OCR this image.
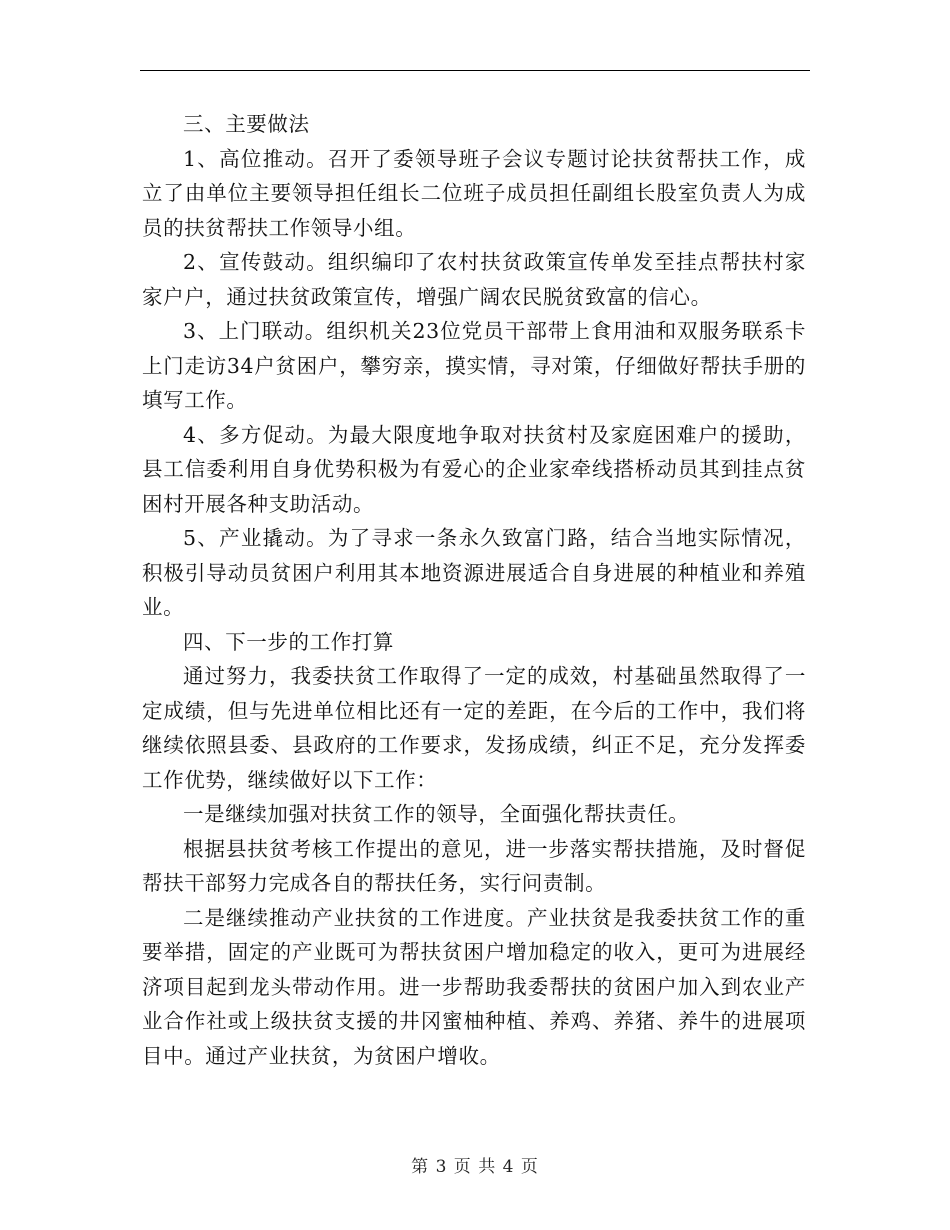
三、主要做法

1、高位推动。召开了委领导班子会议专题讨论扶贫帮扶工作，成立了由单位主要领导担任组长二位班子成员担任副组长股室负责人为成员的扶贫帮扶工作领导小组。

2、宣传鼓动。组织编印了农村扶贫政策宣传单发至挂点帮扶村家家户户，通过扶贫政策宣传，增强广阔农民脱贫致富的信心。

3、上门联动。组织机关23位党员干部带上食用油和双服务联系卡上门走访34户贫困户，攀穷亲，摸实情，寻对策，仔细做好帮扶手册的填写工作。

4、多方促动。为最大限度地争取对扶贫村及家庭困难户的援助，县工信委利用自身优势积极为有爱心的企业家牵线搭桥动员其到挂点贫困村开展各种支助活动。

5、产业撬动。为了寻求一条永久致富门路，结合当地实际情况，积极引导动员贫困户利用其本地资源进展适合自身进展的种植业和养殖业。

四、下一步的工作打算

通过努力，我委扶贫工作取得了一定的成效，村基础虽然取得了一定成绩，但与先进单位相比还有一定的差距，在今后的工作中，我们将继续依照县委、县政府的工作要求，发扬成绩，纠正不足，充分发挥委工作优势，继续做好以下工作：

一是继续加强对扶贫工作的领导，全面强化帮扶责任。

根据县扶贫考核工作提出的意见，进一步落实帮扶措施，及时督促帮扶干部努力完成各自的帮扶任务，实行问责制。

二是继续推动产业扶贫的工作进度。产业扶贫是我委扶贫工作的重要举措，固定的产业既可为帮扶贫困户增加稳定的收入，更可为进展经济项目起到龙头带动作用。进一步帮助我委帮扶的贫困户加入到农业产业合作社或上级扶贫支援的井冈蜜柚种植、养鸡、养猪、养牛的进展项目中。通过产业扶贫，为贫困户增收。

第 3 页 共 4 页
